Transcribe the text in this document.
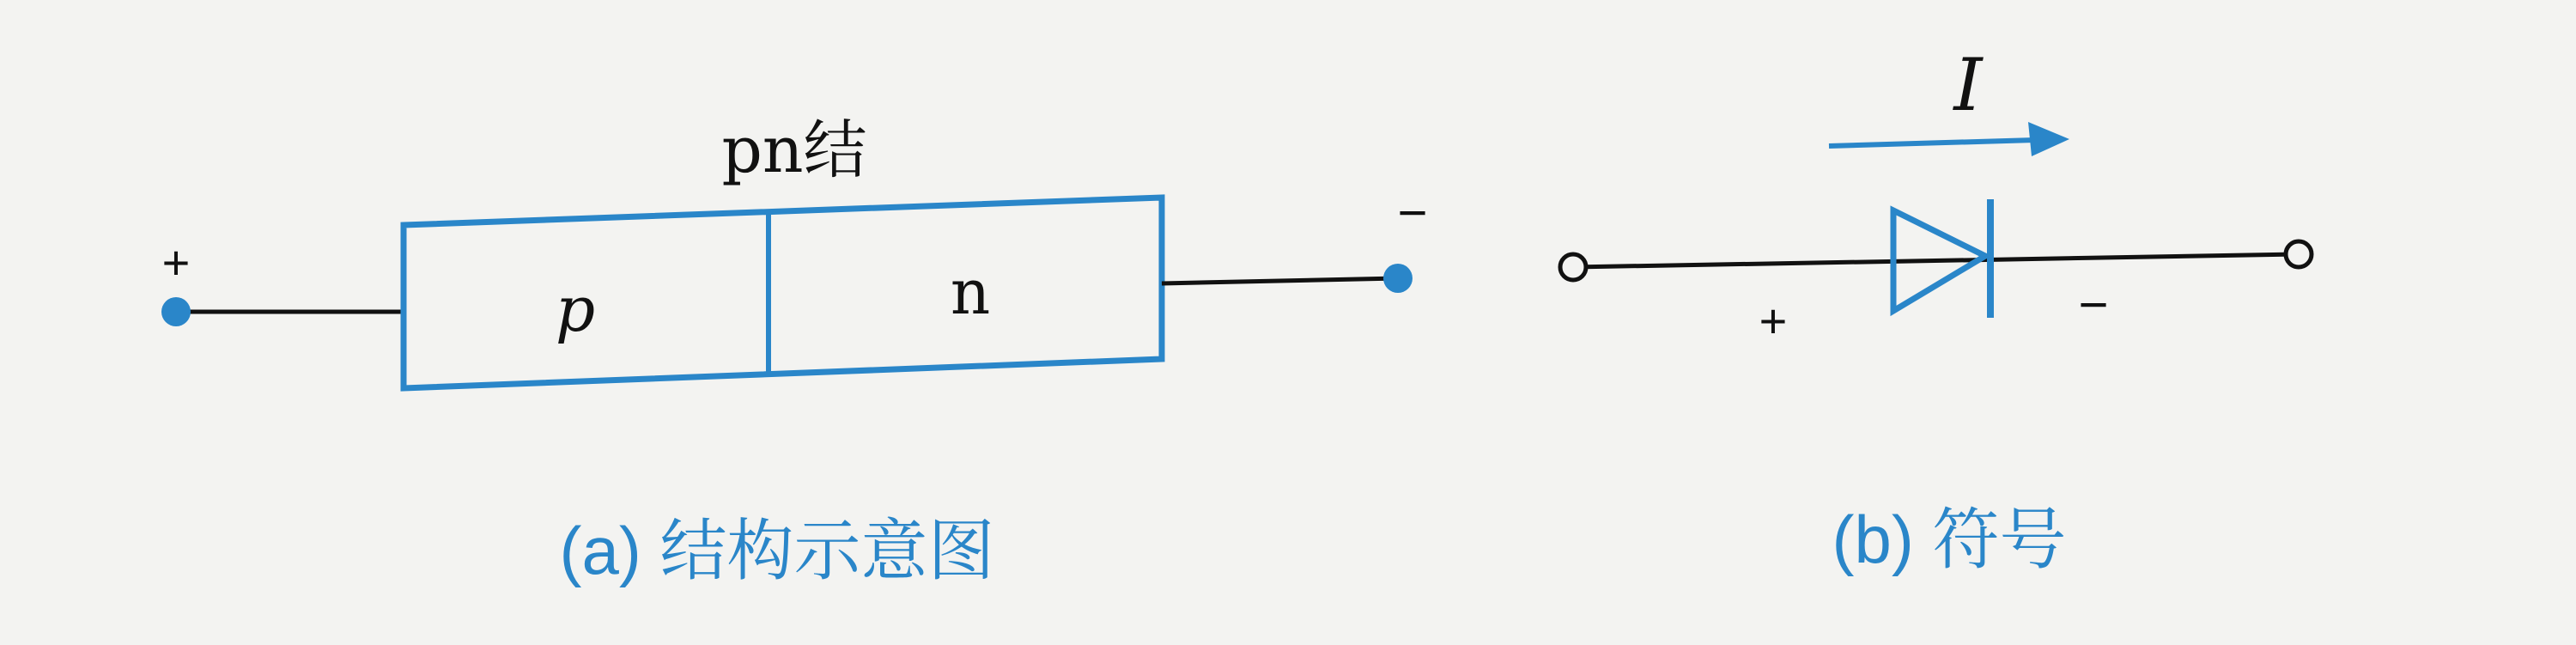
+
p	n
pn结
−
(a) 结构示意图
I
+	−
(b) 符号
